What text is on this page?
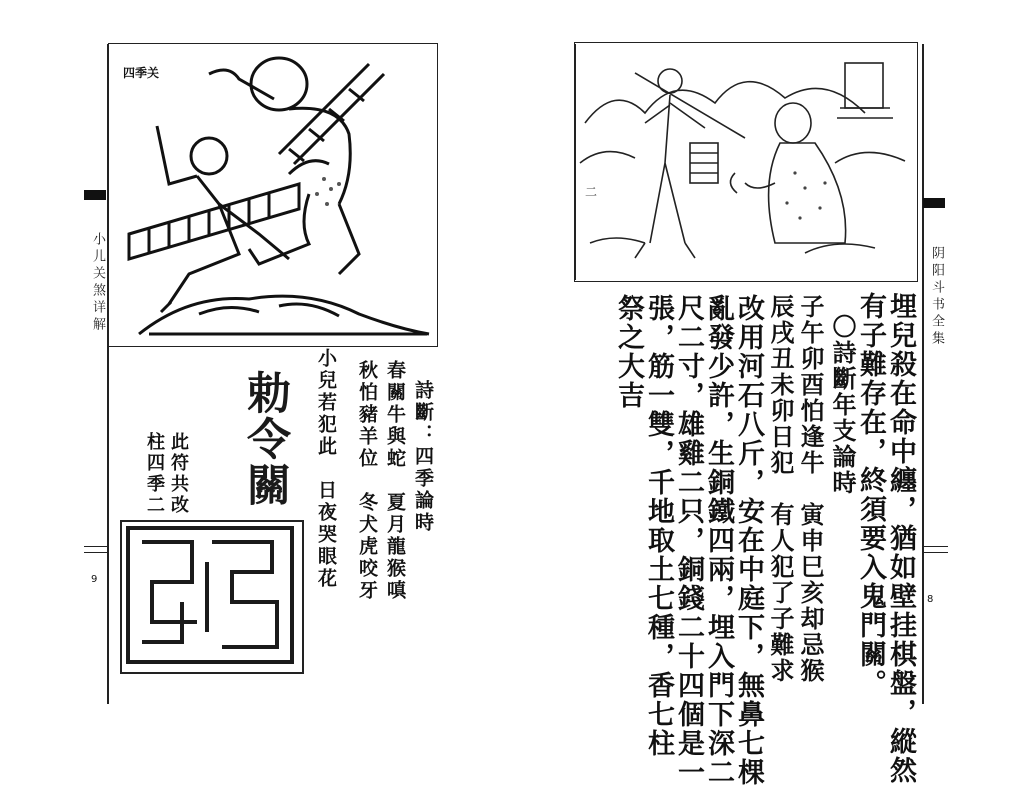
小儿关煞详解
9
四季关
詩斷：四季論時
春關牛與蛇　夏月龍猴嗔
秋怕豬羊位　冬犬虎咬牙
小兒若犯此　日夜哭眼花
勅令關
此符共改
柱四季二
阴阳斗书全集
8
二
埋兒殺在命中纏，猶如壁挂棋盤，縱然
有子難存在，終須要入鬼門關。
〇詩斷年支論時
子午卯酉怕逢牛　寅申巳亥却忌猴
辰戌丑未卯日犯　有人犯了子難求
改用河石八斤，安在中庭下，無鼻七棵
亂發少許，生銅鐵四兩，埋入門下深二
尺二寸，雄雞二只，銅錢二十四個是一
張，筋一雙，千地取土七種，香七柱
祭之大吉
